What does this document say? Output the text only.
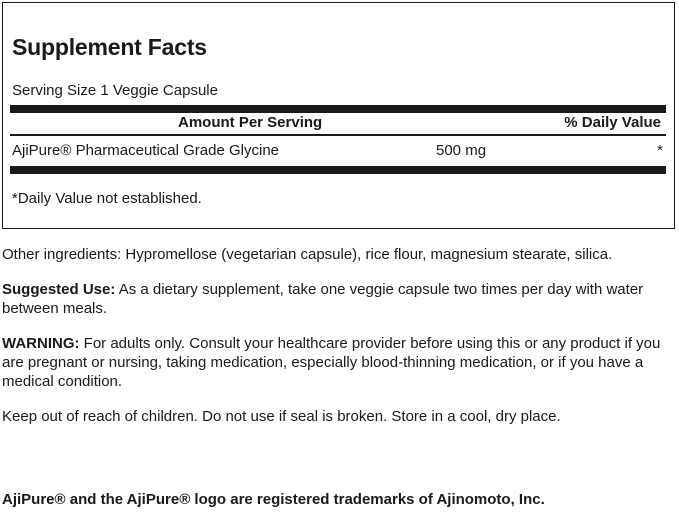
Supplement Facts
Serving Size 1 Veggie Capsule
Amount Per Serving	% Daily Value
AjiPure® Pharmaceutical Grade Glycine	500 mg	*
*Daily Value not established.
Other ingredients: Hypromellose (vegetarian capsule), rice flour, magnesium stearate, silica.
Suggested Use: As a dietary supplement, take one veggie capsule two times per day with water between meals.
WARNING: For adults only. Consult your healthcare provider before using this or any product if you are pregnant or nursing, taking medication, especially blood-thinning medication, or if you have a medical condition.
Keep out of reach of children. Do not use if seal is broken. Store in a cool, dry place.
AjiPure® and the AjiPure® logo are registered trademarks of Ajinomoto, Inc.
